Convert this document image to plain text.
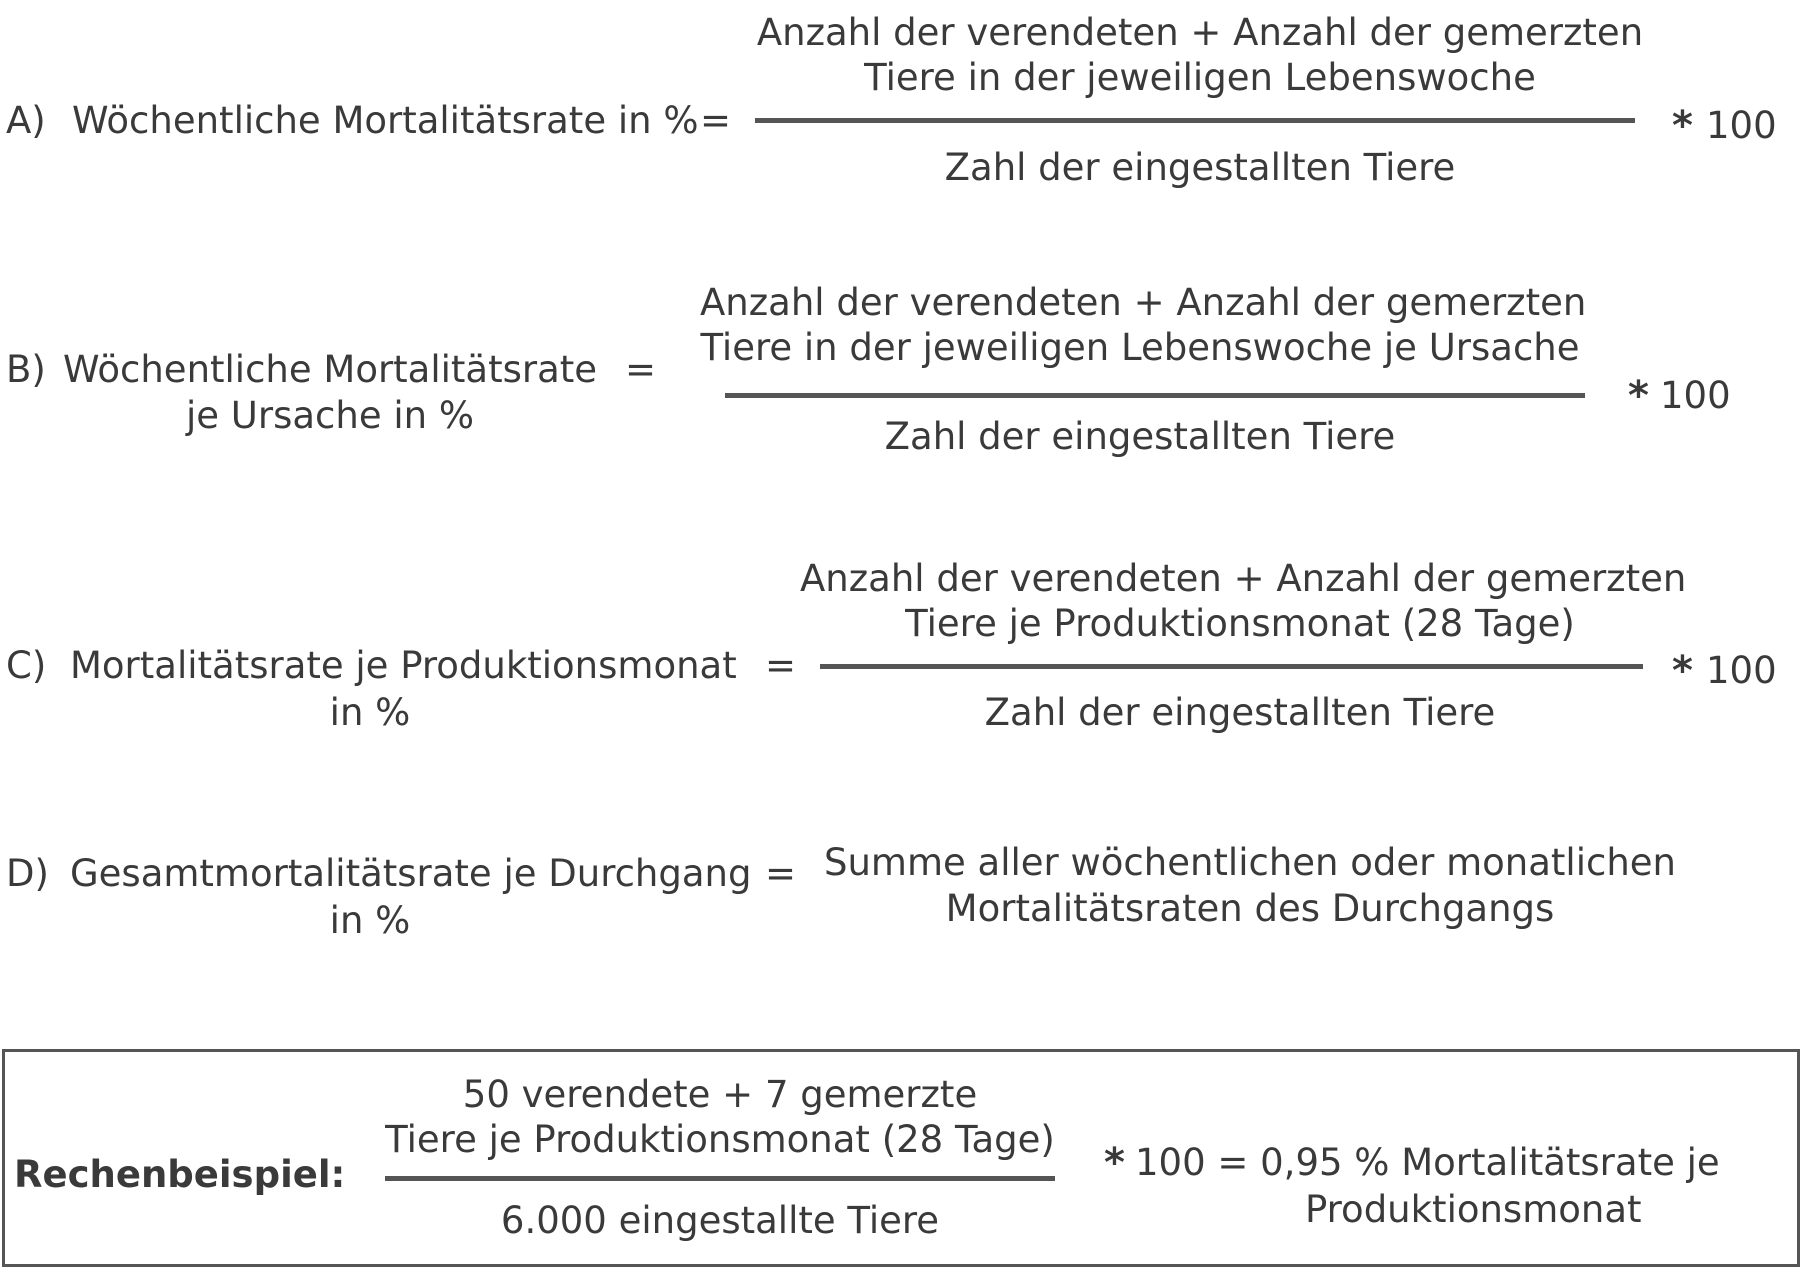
A) Wöchentliche Mortalitätsrate in % =
Anzahl der verendeten + Anzahl der gemerzten
Tiere in der jeweiligen Lebenswoche
Zahl der eingestallten Tiere
* 100
B) Wöchentliche Mortalitätsrate
je Ursache in %
=
Anzahl der verendeten + Anzahl der gemerzten
Tiere in der jeweiligen Lebenswoche je Ursache
Zahl der eingestallten Tiere
* 100
C) Mortalitätsrate je Produktionsmonat
in %
=
Anzahl der verendeten + Anzahl der gemerzten
Tiere je Produktionsmonat (28 Tage)
Zahl der eingestallten Tiere
* 100
D) Gesamtmortalitätsrate je Durchgang
in %
= Summe aller wöchentlichen oder monatlichen
Mortalitätsraten des Durchgangs
Rechenbeispiel:
50 verendete + 7 gemerzte
Tiere je Produktionsmonat (28 Tage)
6.000 eingestallte Tiere
* 100 = 0,95 % Mortalitätsrate je
Produktionsmonat
